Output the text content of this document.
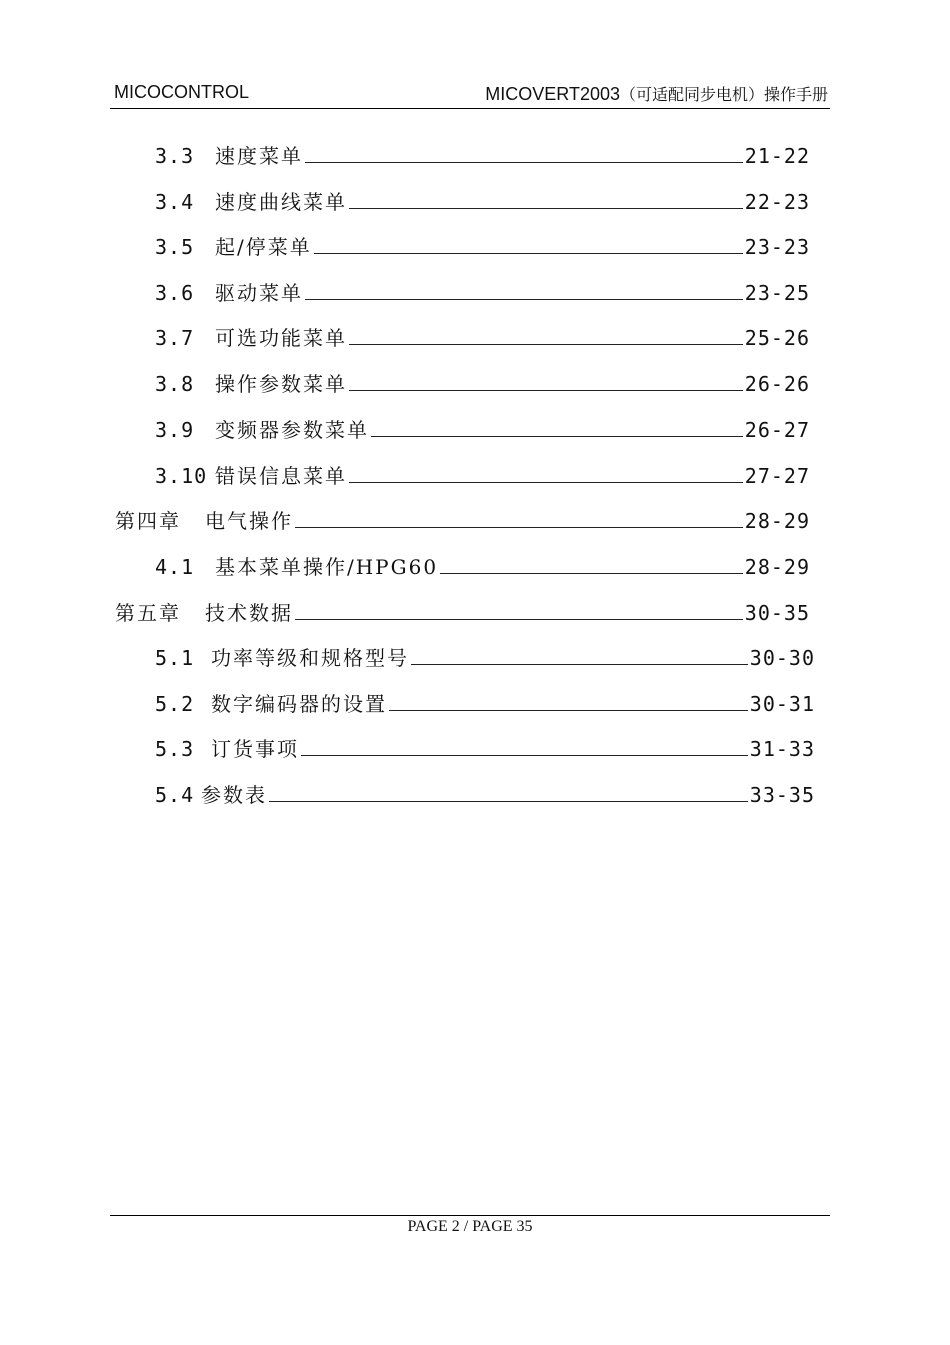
MICOCONTROL	MICOVERT2003（可适配同步电机）操作手册
3.3	速度菜单	21-22
3.4	速度曲线菜单	22-23
3.5	起/停菜单	23-23
3.6	驱动菜单	23-25
3.7	可选功能菜单	25-26
3.8	操作参数菜单	26-26
3.9	变频器参数菜单	26-27
3.10 错误信息菜单	27-27
第四章	电气操作	28-29
4.1	基本菜单操作/HPG60	28-29
第五章	技术数据	30-35
5.1 功率等级和规格型号	30-30
5.2 数字编码器的设置	30-31
5.3 订货事项	31-33
5.4 参数表	33-35
PAGE 2 / PAGE 35
